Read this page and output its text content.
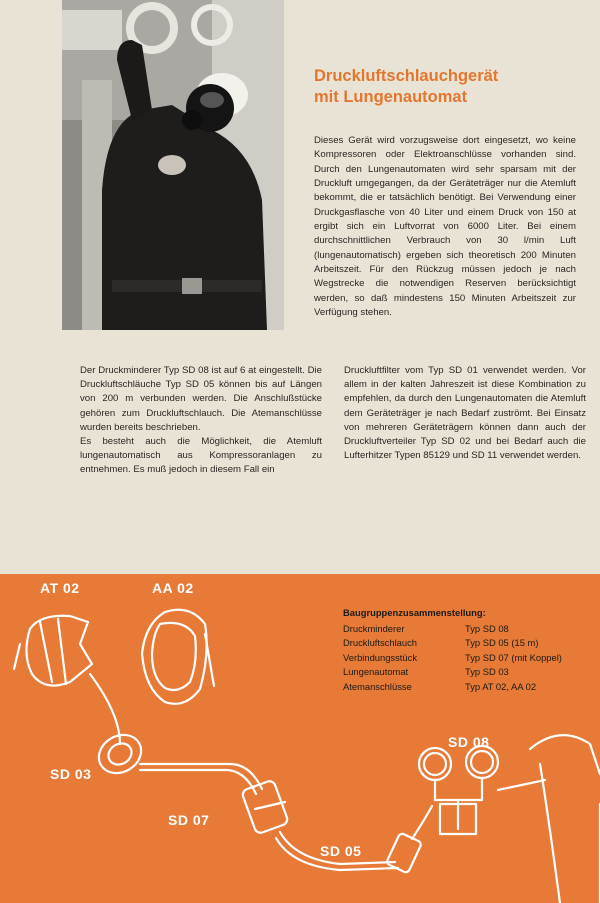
Druckluftschlauchgerät
mit Lungenautomat
Dieses Gerät wird vorzugsweise dort eingesetzt, wo keine Kompressoren oder Elektroanschlüsse vorhanden sind. Durch den Lungenautomaten wird sehr sparsam mit der Druckluft umgegangen, da der Geräteträger nur die Atemluft bekommt, die er tatsächlich benötigt. Bei Verwendung einer Druckgasflasche von 40 Liter und einem Druck von 150 at ergibt sich ein Luftvorrat von 6000 Liter. Bei einem durchschnittlichen Verbrauch von 30 l/min Luft (lungenautomatisch) ergeben sich theoretisch 200 Minuten Arbeitszeit. Für den Rückzug müssen jedoch je nach Wegstrecke die notwendigen Reserven berücksichtigt werden, so daß mindestens 150 Minuten Arbeitszeit zur Verfügung stehen.

Der Druckminderer Typ SD 08 ist auf 6 at eingestellt. Die Druckluftschläuche Typ SD 05 können bis auf Längen von 200 m verbunden werden. Die Anschlußstücke gehören zum Druckluftschlauch. Die Atemanschlüsse wurden bereits beschrieben.

Es besteht auch die Möglichkeit, die Atemluft lungenautomatisch aus Kompressoranlagen zu entnehmen. Es muß jedoch in diesem Fall ein

Druckluftfilter vom Typ SD 01 verwendet werden. Vor allem in der kalten Jahreszeit ist diese Kombination zu empfehlen, da durch den Lungenautomaten die Atemluft dem Geräteträger je nach Bedarf zuströmt. Bei Einsatz von mehreren Geräteträgern können dann auch der Druckluftverteiler Typ SD 02 und bei Bedarf auch die Lufterhitzer Typen 85129 und SD 11 verwendet werden.

AT 02	AA 02
SD 03
SD 07
SD 05
SD 08
Baugruppenzusammenstellung:
Druckminderer	Typ SD 08
Druckluftschlauch	Typ SD 05 (15 m)
Verbindungsstück	Typ SD 07 (mit Koppel)
Lungenautomat	Typ SD 03
Atemanschlüsse	Typ AT 02, AA 02
